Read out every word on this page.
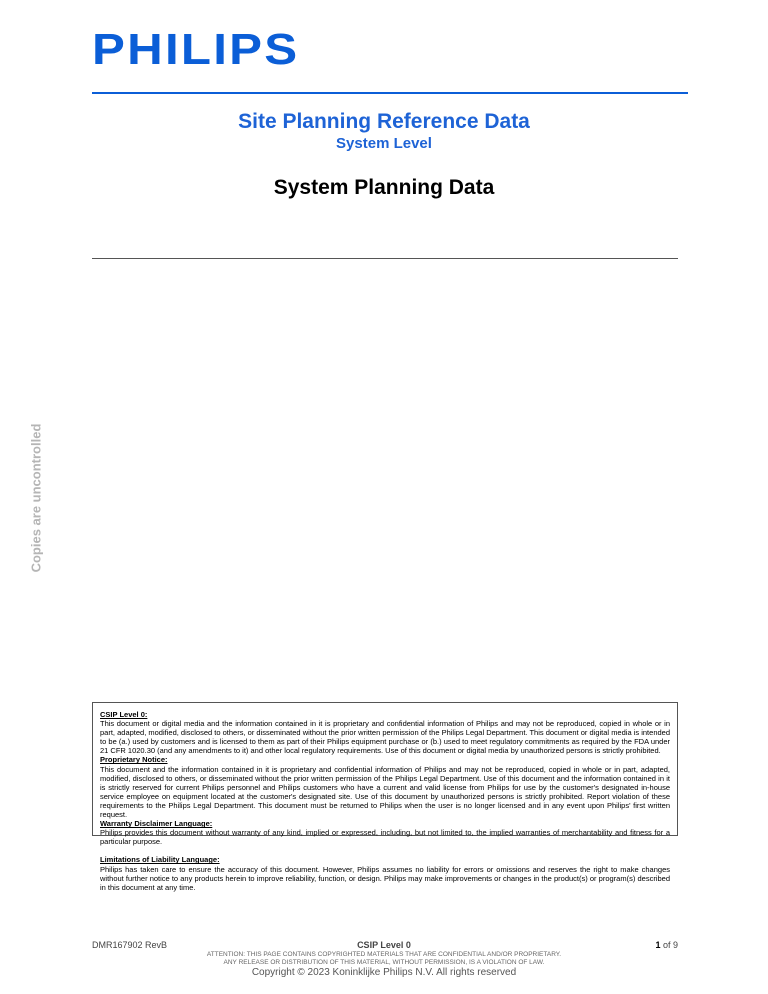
PHILIPS
Site Planning Reference Data
System Level
System Planning Data
Copies are uncontrolled
CSIP Level 0:
This document or digital media and the information contained in it is proprietary and confidential information of Philips and may not be reproduced, copied in whole or in part, adapted, modified, disclosed to others, or disseminated without the prior written permission of the Philips Legal Department. This document or digital media is intended to be (a.) used by customers and is licensed to them as part of their Philips equipment purchase or (b.) used to meet regulatory commitments as required by the FDA under 21 CFR 1020.30 (and any amendments to it) and other local regulatory requirements. Use of this document or digital media by unauthorized persons is strictly prohibited.
Proprietary Notice:
This document and the information contained in it is proprietary and confidential information of Philips and may not be reproduced, copied in whole or in part, adapted, modified, disclosed to others, or disseminated without the prior written permission of the Philips Legal Department. Use of this document and the information contained in it is strictly reserved for current Philips personnel and Philips customers who have a current and valid license from Philips for use by the customer's designated in-house service employee on equipment located at the customer's designated site. Use of this document by unauthorized persons is strictly prohibited. Report violation of these requirements to the Philips Legal Department. This document must be returned to Philips when the user is no longer licensed and in any event upon Philips' first written request.
Warranty Disclaimer Language:
Philips provides this document without warranty of any kind, implied or expressed, including, but not limited to, the implied warranties of merchantability and fitness for a particular purpose.
Limitations of Liability Language:
Philips has taken care to ensure the accuracy of this document. However, Philips assumes no liability for errors or omissions and reserves the right to make changes without further notice to any products herein to improve reliability, function, or design. Philips may make improvements or changes in the product(s) or program(s) described in this document at any time.
DMR167902 RevB	CSIP Level 0	1 of 9
ATTENTION: THIS PAGE CONTAINS COPYRIGHTED MATERIALS THAT ARE CONFIDENTIAL AND/OR PROPRIETARY.
ANY RELEASE OR DISTRIBUTION OF THIS MATERIAL, WITHOUT PERMISSION, IS A VIOLATION OF LAW.
Copyright © 2023 Koninklijke Philips N.V. All rights reserved
